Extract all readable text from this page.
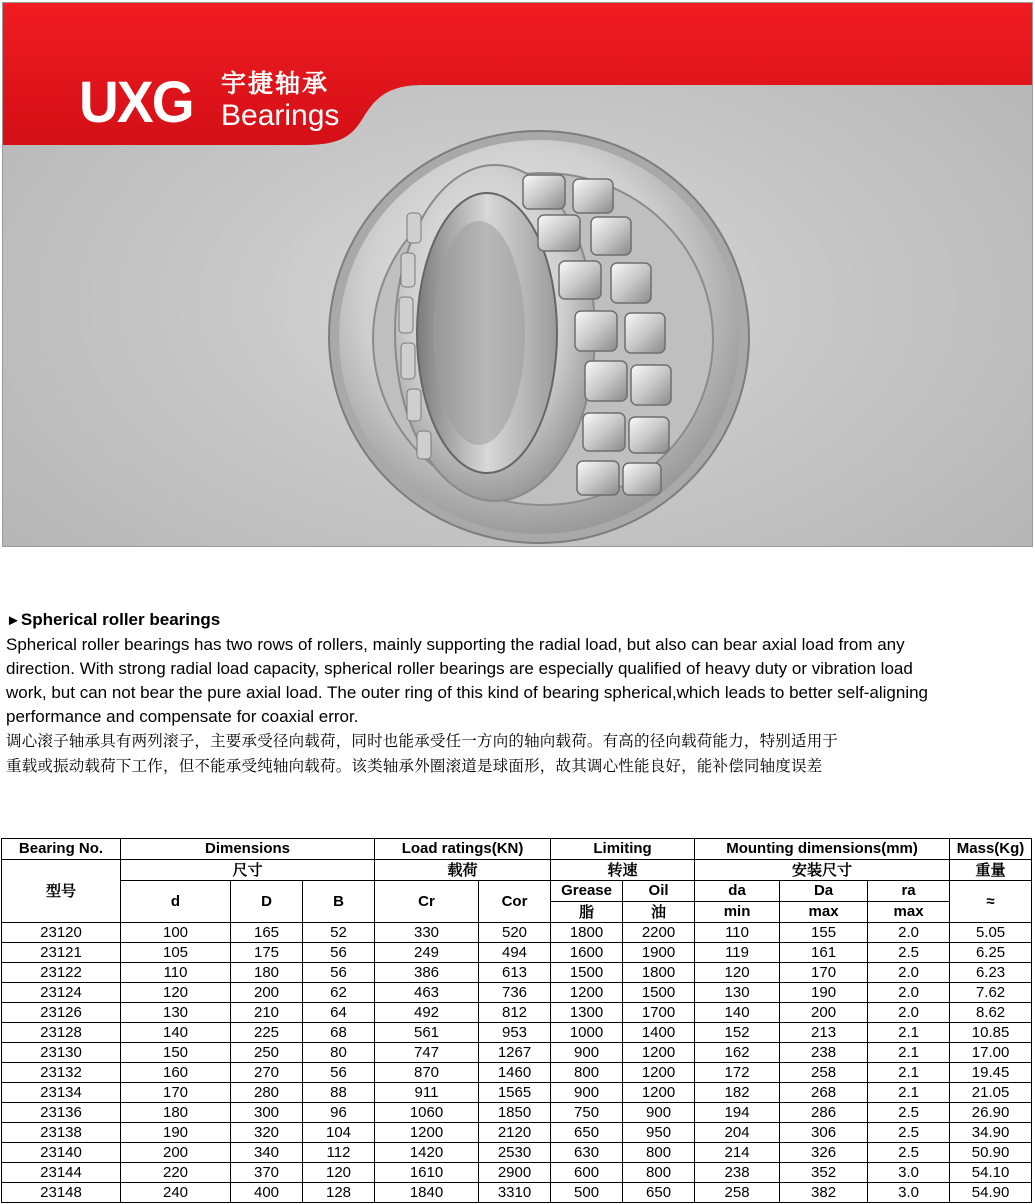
UXG 宇捷轴承
Bearings

►Spherical roller bearings

Spherical roller bearings has two rows of rollers, mainly supporting the radial load, but also can bear axial load from any

direction. With strong radial load capacity, spherical roller bearings are especially qualified of heavy duty or vibration load

work, but can not bear the pure axial load. The outer ring of this kind of bearing spherical,which leads to better self-aligning

performance and compensate for coaxial error.

调心滚子轴承具有两列滚子，主要承受径向载荷，同时也能承受任一方向的轴向载荷。有高的径向载荷能力，特别适用于

重载或振动载荷下工作，但不能承受纯轴向载荷。该类轴承外圈滚道是球面形，故其调心性能良好，能补偿同轴度误差

Bearing No.	Dimensions			Load ratings(KN)		Limiting		Mounting dimensions(mm)			Mass(Kg)
型号	尺寸			载荷		转速		安装尺寸			重量
	d	D	B	Cr	Cor	Grease	Oil	da	Da	ra	≈
						脂	油	min	max	max	
23120	100	165	52	330	520	1800	2200	110	155	2.0	5.05
23121	105	175	56	249	494	1600	1900	119	161	2.5	6.25
23122	110	180	56	386	613	1500	1800	120	170	2.0	6.23
23124	120	200	62	463	736	1200	1500	130	190	2.0	7.62
23126	130	210	64	492	812	1300	1700	140	200	2.0	8.62
23128	140	225	68	561	953	1000	1400	152	213	2.1	10.85
23130	150	250	80	747	1267	900	1200	162	238	2.1	17.00
23132	160	270	56	870	1460	800	1200	172	258	2.1	19.45
23134	170	280	88	911	1565	900	1200	182	268	2.1	21.05
23136	180	300	96	1060	1850	750	900	194	286	2.5	26.90
23138	190	320	104	1200	2120	650	950	204	306	2.5	34.90
23140	200	340	112	1420	2530	630	800	214	326	2.5	50.90
23144	220	370	120	1610	2900	600	800	238	352	3.0	54.10
23148	240	400	128	1840	3310	500	650	258	382	3.0	54.90
